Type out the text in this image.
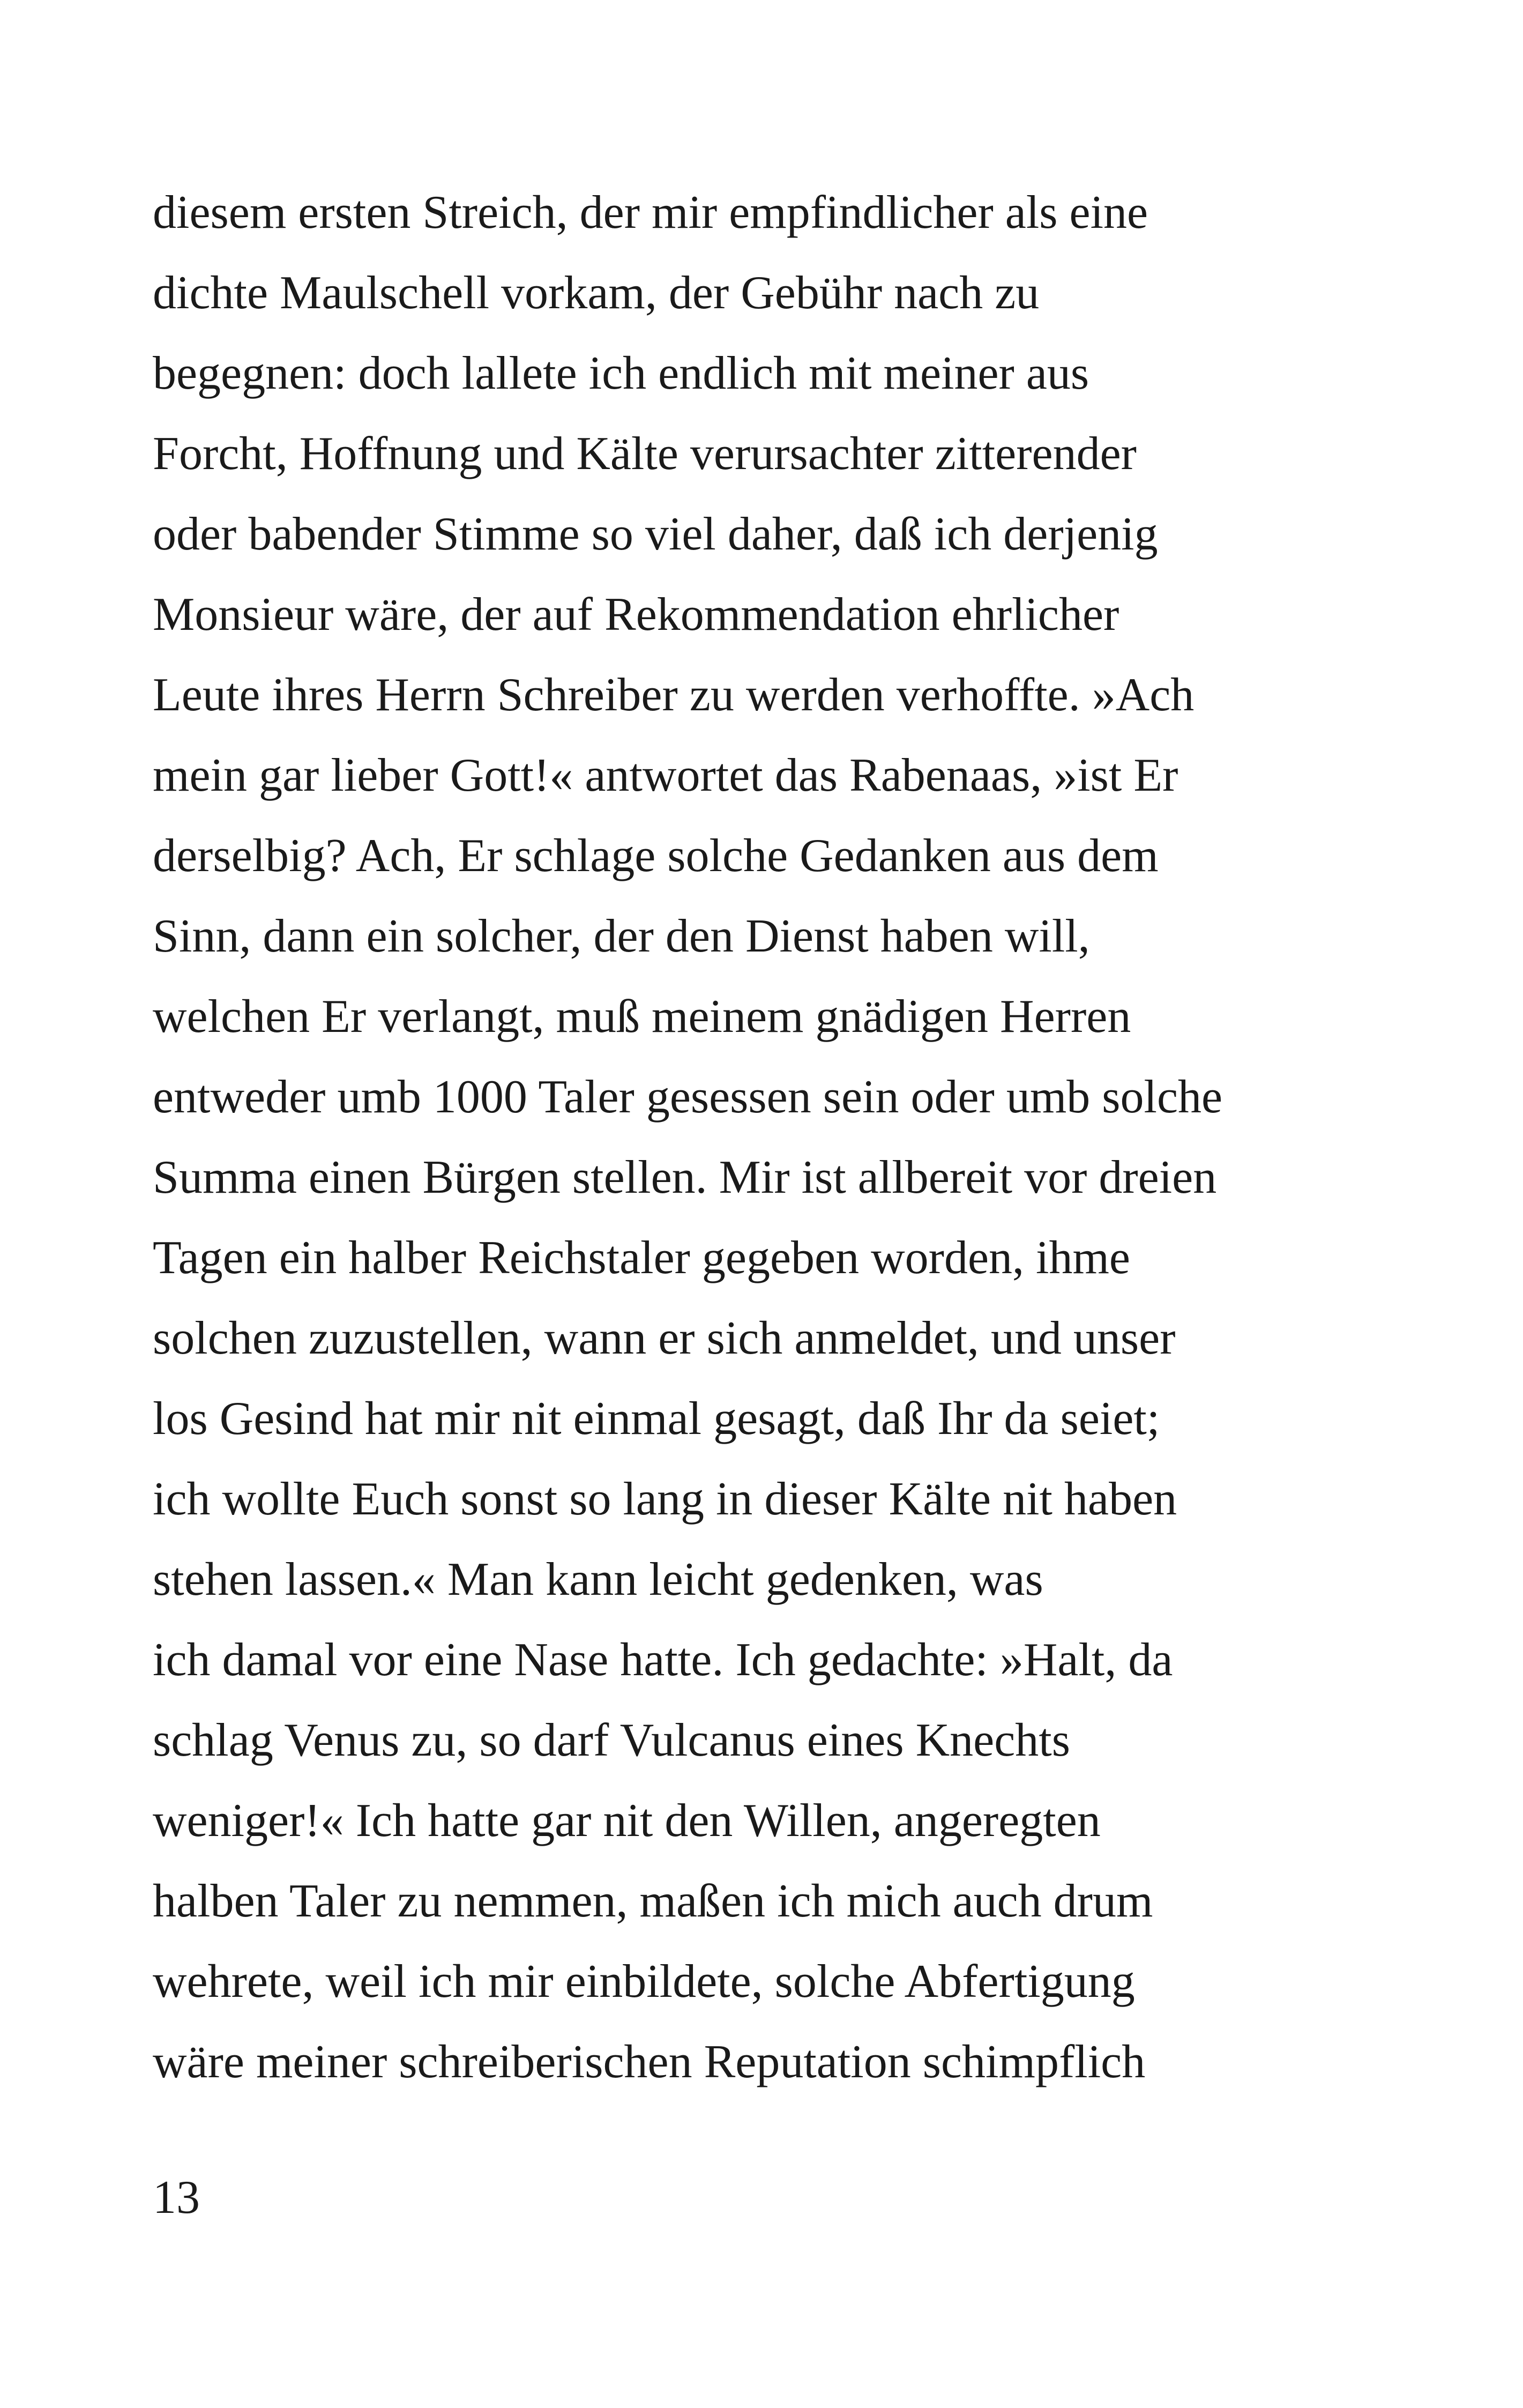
diesem ersten Streich, der mir empfindlicher als eine
dichte Maulschell vorkam, der Gebühr nach zu
begegnen: doch lallete ich endlich mit meiner aus
Forcht, Hoffnung und Kälte verursachter zitterender
oder babender Stimme so viel daher, daß ich derjenig
Monsieur wäre, der auf Rekommendation ehrlicher
Leute ihres Herrn Schreiber zu werden verhoffte. »Ach
mein gar lieber Gott!« antwortet das Rabenaas, »ist Er
derselbig? Ach, Er schlage solche Gedanken aus dem
Sinn, dann ein solcher, der den Dienst haben will,
welchen Er verlangt, muß meinem gnädigen Herren
entweder umb 1000 Taler gesessen sein oder umb solche
Summa einen Bürgen stellen. Mir ist allbereit vor dreien
Tagen ein halber Reichstaler gegeben worden, ihme
solchen zuzustellen, wann er sich anmeldet, und unser
los Gesind hat mir nit einmal gesagt, daß Ihr da seiet;
ich wollte Euch sonst so lang in dieser Kälte nit haben
stehen lassen.« Man kann leicht gedenken, was
ich damal vor eine Nase hatte. Ich gedachte: »Halt, da
schlag Venus zu, so darf Vulcanus eines Knechts
weniger!« Ich hatte gar nit den Willen, angeregten
halben Taler zu nemmen, maßen ich mich auch drum
wehrete, weil ich mir einbildete, solche Abfertigung
wäre meiner schreiberischen Reputation schimpflich
13
